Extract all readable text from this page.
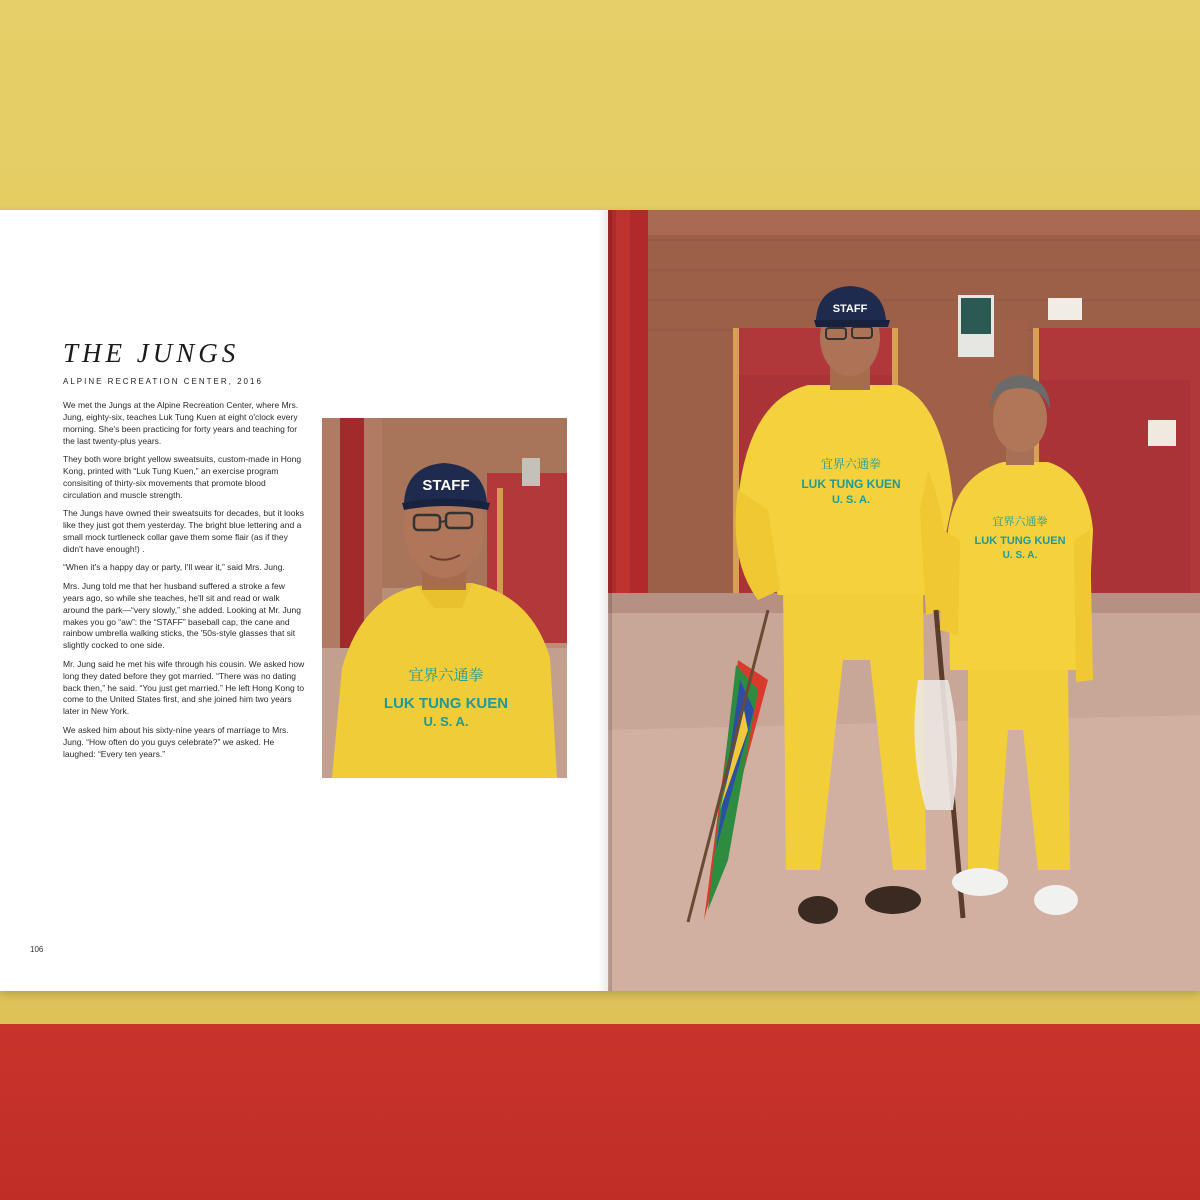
THE JUNGS
ALPINE RECREATION CENTER, 2016

We met the Jungs at the Alpine Recreation Center, where Mrs. Jung, eighty-six, teaches Luk Tung Kuen at eight o'clock every morning. She's been practicing for forty years and teaching for the last twenty-plus years.

They both wore bright yellow sweatsuits, custom-made in Hong Kong, printed with “Luk Tung Kuen,” an exercise program consisiting of thirty-six movements that promote blood circulation and muscle strength.

The Jungs have owned their sweatsuits for decades, but it looks like they just got them yesterday. The bright blue lettering and a small mock turtleneck collar gave them some flair (as if they didn't have enough!) .

“When it's a happy day or party, I'll wear it,” said Mrs. Jung.

Mrs. Jung told me that her husband suffered a stroke a few years ago, so while she teaches, he'll sit and read or walk around the park—“very slowly,” she added. Looking at Mr. Jung makes you go “aw”: the “STAFF” baseball cap, the cane and rainbow umbrella walking sticks, the '50s-style glasses that sit slightly cocked to one side.

Mr. Jung said he met his wife through his cousin. We asked how long they dated before they got married. “There was no dating back then,” he said. “You just get married.” He left Hong Kong to come to the United States first, and she joined him two years later in New York.

We asked him about his sixty-nine years of marriage to Mrs. Jung. “How often do you guys celebrate?” we asked. He laughed: “Every ten years.”

STAFF
宜界六通拳
LUK TUNG KUEN
U. S. A.
106
STAFF
宜界六通拳
LUK TUNG KUEN
U. S. A.
宜界六通拳
LUK TUNG KUEN
U. S. A.
